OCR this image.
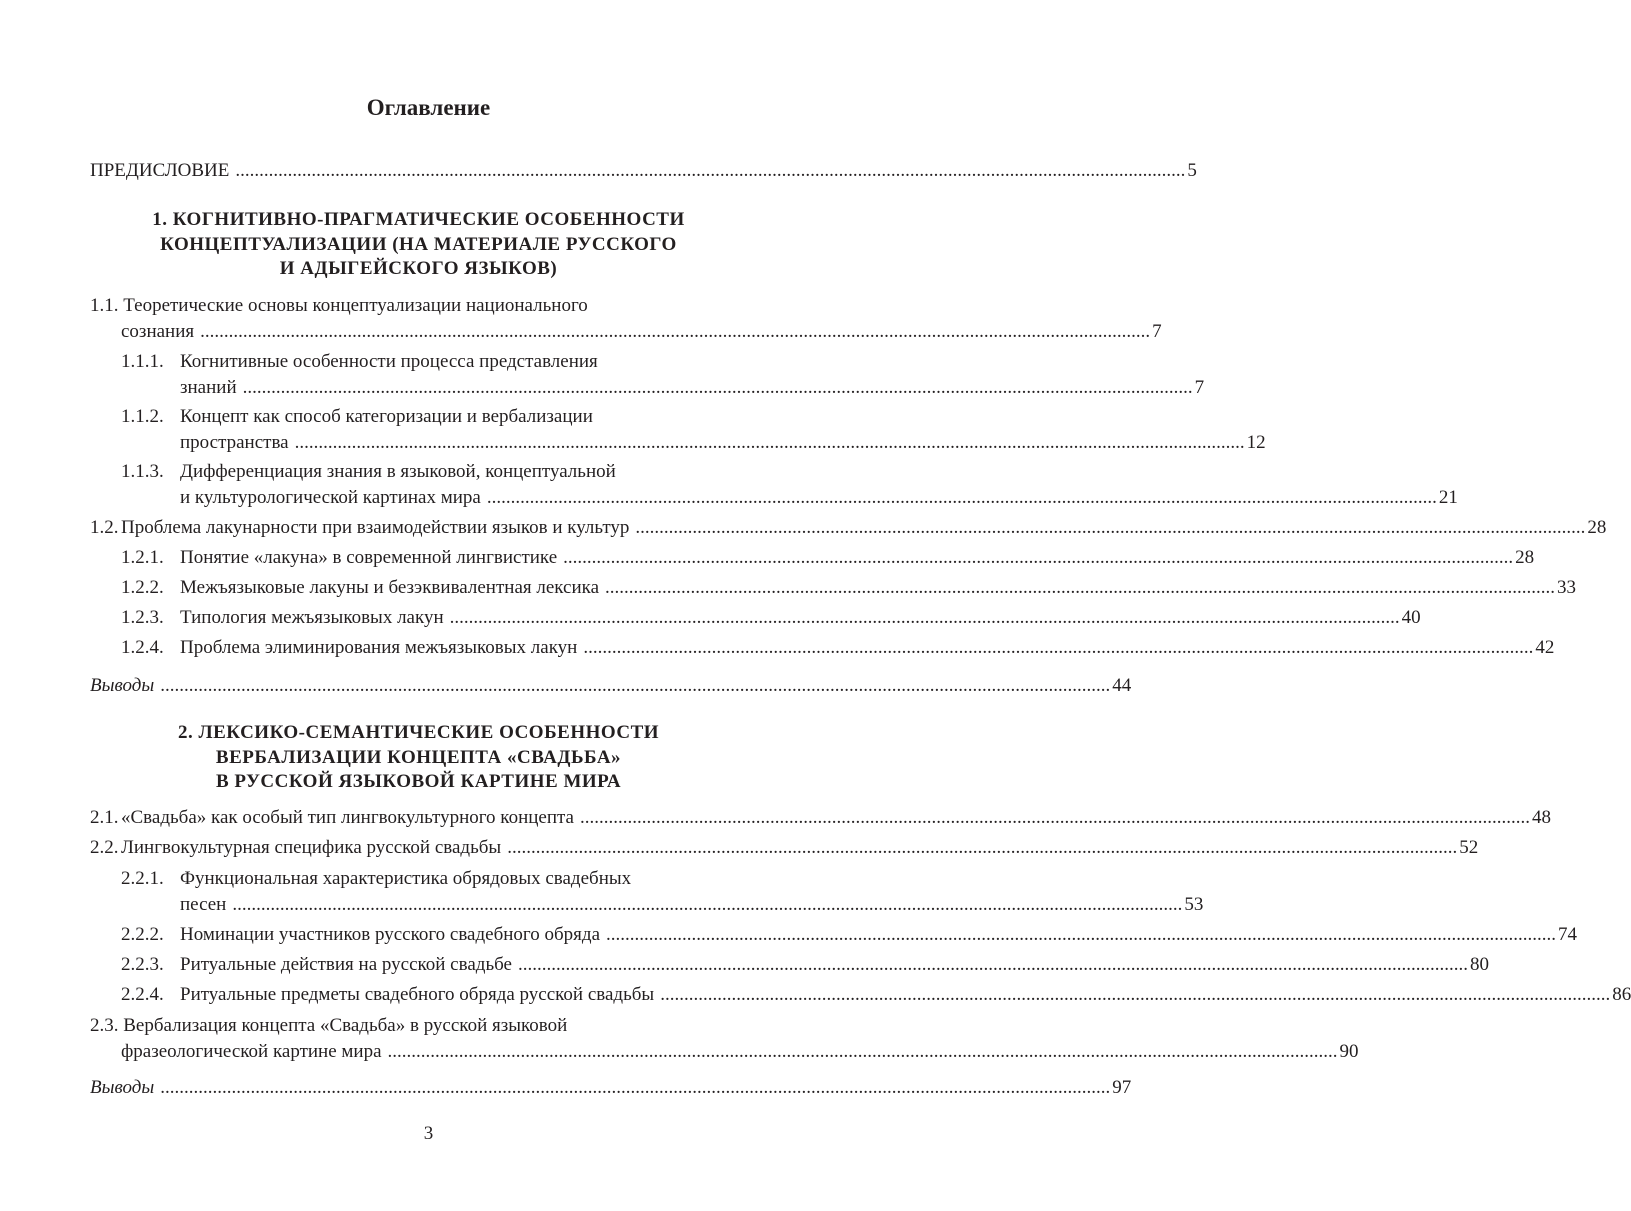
Оглавление
ПРЕДИСЛОВИЕ ........................................................................................................................................................................................................ 5
1. КОГНИТИВНО-ПРАГМАТИЧЕСКИЕ ОСОБЕННОСТИ
КОНЦЕПТУАЛИЗАЦИИ (НА МАТЕРИАЛЕ РУССКОГО
И АДЫГЕЙСКОГО ЯЗЫКОВ)
1.1. Теоретические основы концептуализации национального
сознания ........................................................................................................................................................................................................ 7
1.1.1. Когнитивные особенности процесса представления
знаний ........................................................................................................................................................................................................ 7
1.1.2. Концепт как способ категоризации и вербализации
пространства ........................................................................................................................................................................................................ 12
1.1.3. Дифференциация знания в языковой, концептуальной
и культурологической картинах мира ........................................................................................................................................................................................................ 21
1.2. Проблема лакунарности при взаимодействии языков и культур ........................................................................................................................................................................................................ 28
1.2.1. Понятие «лакуна» в современной лингвистике ........................................................................................................................................................................................................ 28
1.2.2. Межъязыковые лакуны и безэквивалентная лексика ........................................................................................................................................................................................................ 33
1.2.3. Типология межъязыковых лакун ........................................................................................................................................................................................................ 40
1.2.4. Проблема элиминирования межъязыковых лакун ........................................................................................................................................................................................................ 42
Выводы ........................................................................................................................................................................................................ 44
2. ЛЕКСИКО-СЕМАНТИЧЕСКИЕ ОСОБЕННОСТИ
ВЕРБАЛИЗАЦИИ КОНЦЕПТА «СВАДЬБА»
В РУССКОЙ ЯЗЫКОВОЙ КАРТИНЕ МИРА
2.1. «Свадьба» как особый тип лингвокультурного концепта ........................................................................................................................................................................................................ 48
2.2. Лингвокультурная специфика русской свадьбы ........................................................................................................................................................................................................ 52
2.2.1. Функциональная характеристика обрядовых свадебных
песен ........................................................................................................................................................................................................ 53
2.2.2. Номинации участников русского свадебного обряда ........................................................................................................................................................................................................ 74
2.2.3. Ритуальные действия на русской свадьбе ........................................................................................................................................................................................................ 80
2.2.4. Ритуальные предметы свадебного обряда русской свадьбы ........................................................................................................................................................................................................ 86
2.3. Вербализация концепта «Свадьба» в русской языковой
фразеологической картине мира ........................................................................................................................................................................................................ 90
Выводы ........................................................................................................................................................................................................ 97
3
